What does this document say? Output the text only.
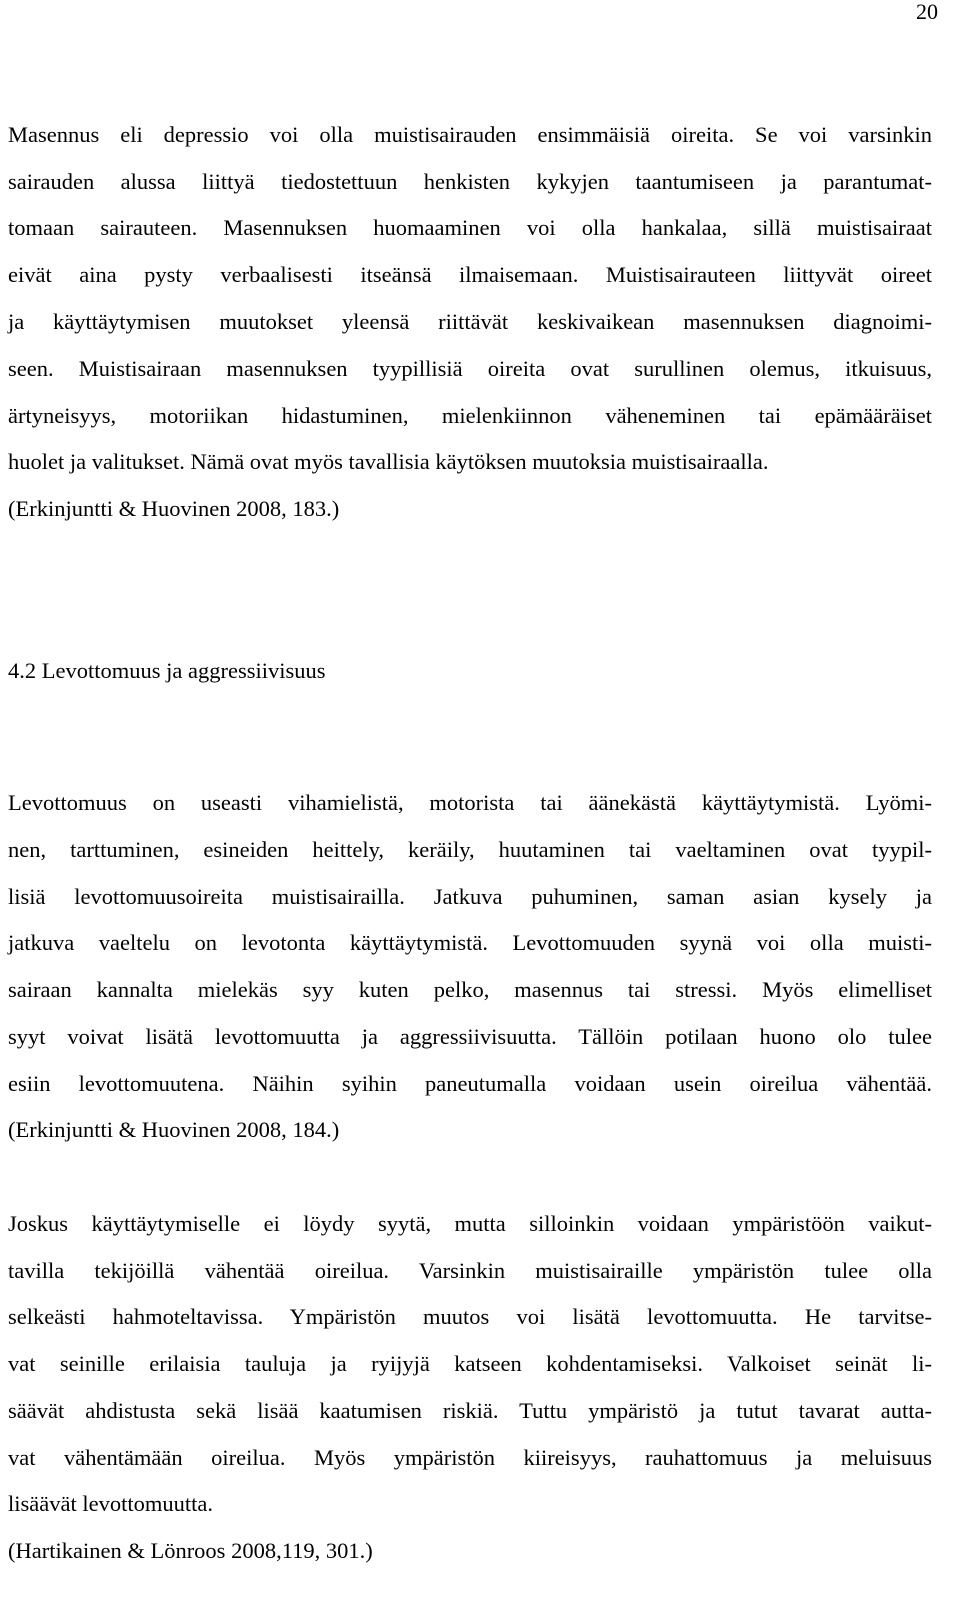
20
Masennus eli depressio voi olla muistisairauden ensimmäisiä oireita. Se voi varsinkin
sairauden alussa liittyä tiedostettuun henkisten kykyjen taantumiseen ja parantumat-
tomaan sairauteen. Masennuksen huomaaminen voi olla hankalaa, sillä muistisairaat
eivät aina pysty verbaalisesti itseänsä ilmaisemaan. Muistisairauteen liittyvät oireet
ja käyttäytymisen muutokset yleensä riittävät keskivaikean masennuksen diagnoimi-
seen. Muistisairaan masennuksen tyypillisiä oireita ovat surullinen olemus, itkuisuus,
ärtyneisyys, motoriikan hidastuminen, mielenkiinnon väheneminen tai epämääräiset
huolet ja valitukset. Nämä ovat myös tavallisia käytöksen muutoksia muistisairaalla.
(Erkinjuntti & Huovinen 2008, 183.)
4.2 Levottomuus ja aggressiivisuus
Levottomuus on useasti vihamielistä, motorista tai äänekästä käyttäytymistä. Lyömi-
nen, tarttuminen, esineiden heittely, keräily, huutaminen tai vaeltaminen ovat tyypil-
lisiä levottomuusoireita muistisairailla. Jatkuva puhuminen, saman asian kysely ja
jatkuva vaeltelu on levotonta käyttäytymistä. Levottomuuden syynä voi olla muisti-
sairaan kannalta mielekäs syy kuten pelko, masennus tai stressi. Myös elimelliset
syyt voivat lisätä levottomuutta ja aggressiivisuutta. Tällöin potilaan huono olo tulee
esiin levottomuutena. Näihin syihin paneutumalla voidaan usein oireilua vähentää.
(Erkinjuntti & Huovinen 2008, 184.)
Joskus käyttäytymiselle ei löydy syytä, mutta silloinkin voidaan ympäristöön vaikut-
tavilla tekijöillä vähentää oireilua. Varsinkin muistisairaille ympäristön tulee olla
selkeästi hahmoteltavissa. Ympäristön muutos voi lisätä levottomuutta. He tarvitse-
vat seinille erilaisia tauluja ja ryijyjä katseen kohdentamiseksi. Valkoiset seinät li-
säävät ahdistusta sekä lisää kaatumisen riskiä. Tuttu ympäristö ja tutut tavarat autta-
vat vähentämään oireilua. Myös ympäristön kiireisyys, rauhattomuus ja meluisuus
lisäävät levottomuutta.
(Hartikainen & Lönroos 2008,119, 301.)
